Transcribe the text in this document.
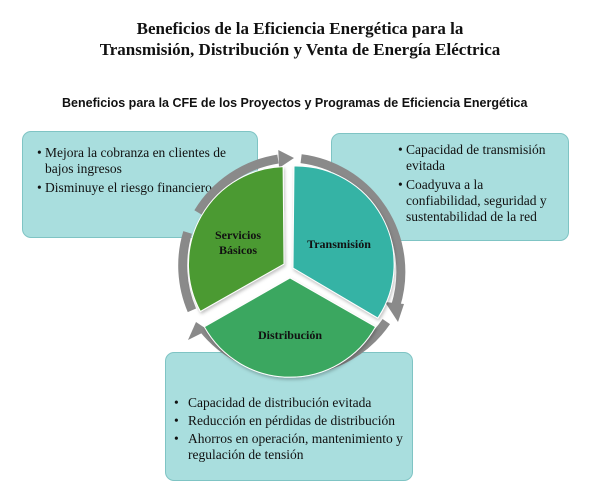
Beneficios de la Eficiencia Energética para la
Transmisión, Distribución y Venta de Energía Eléctrica
Beneficios para la CFE de los Proyectos y Programas de Eficiencia Energética
• Mejora la cobranza en clientes de bajos ingresos
• Disminuye el riesgo financiero
• Capacidad de transmisión evitada
• Coadyuva a la confiabilidad, seguridad y sustentabilidad de la red
• Capacidad de distribución evitada
• Reducción en pérdidas de distribución
• Ahorros en operación, mantenimiento y regulación de tensión
Servicios
Básicos	Transmisión
Distribución
